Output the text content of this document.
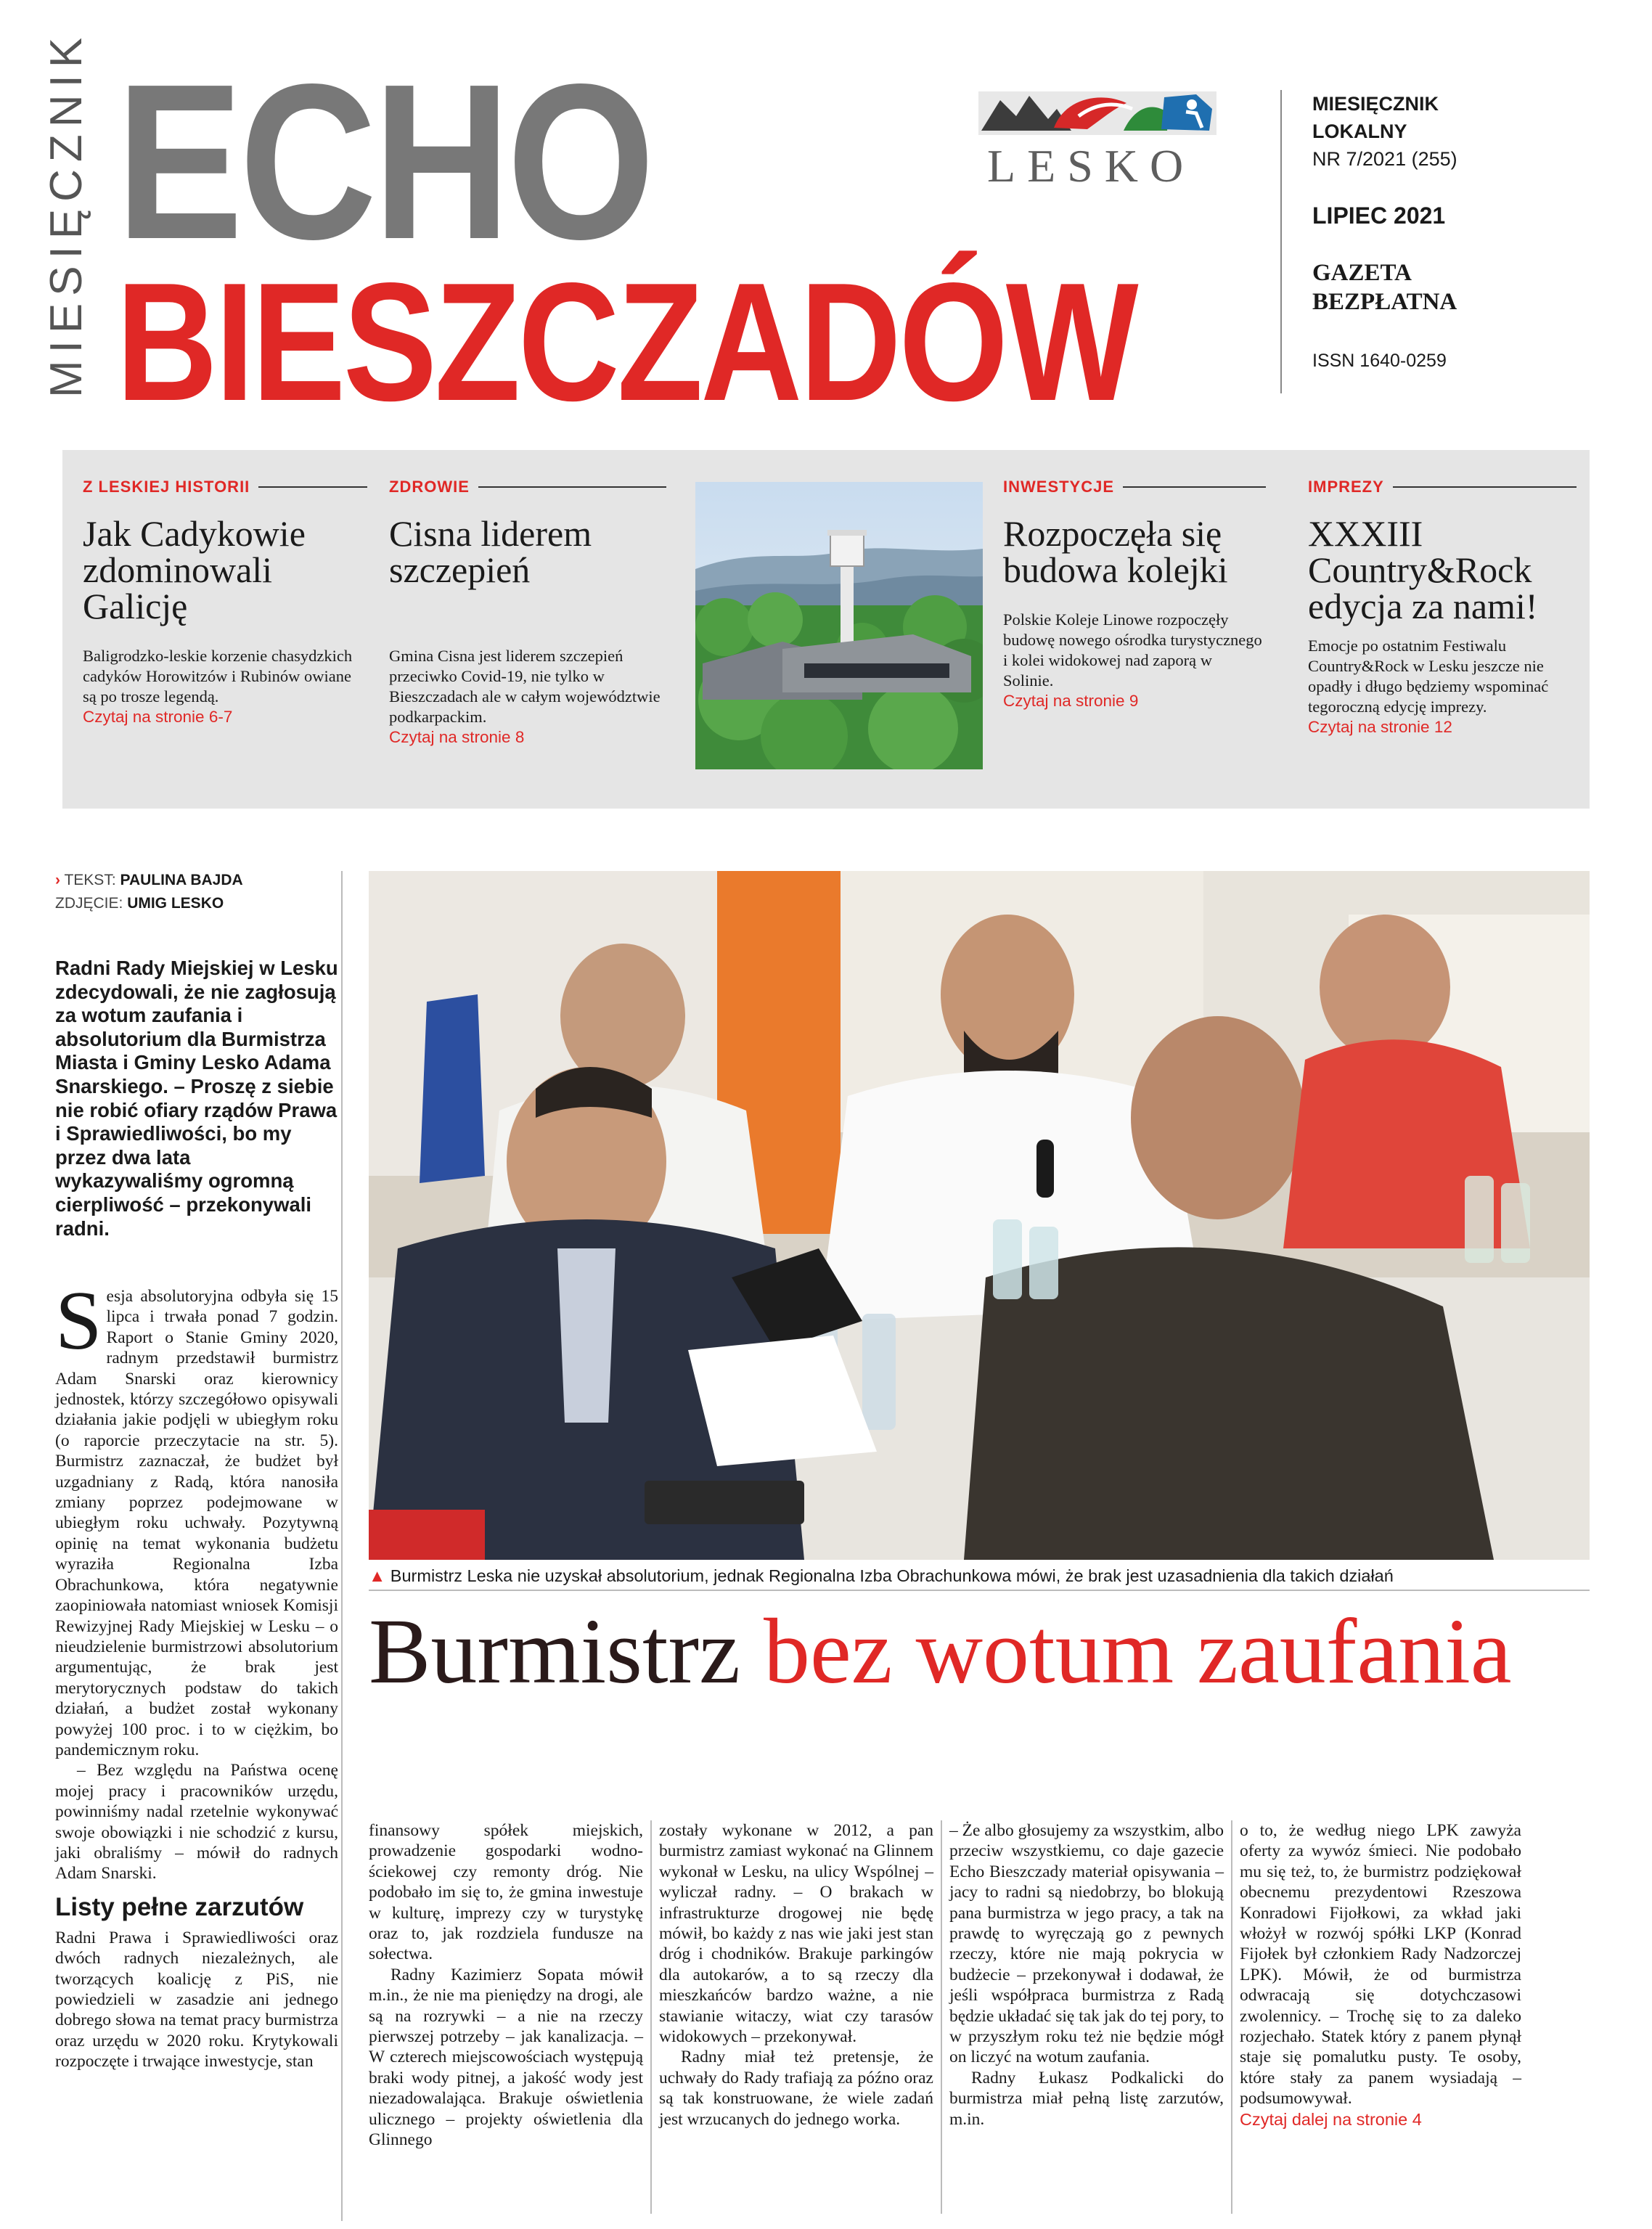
MIESIĘCZNIK ECHO
BIESZCZADÓW
LESKO
MIESIĘCZNIK
LOKALNY
NR 7/2021 (255)
LIPIEC 2021
GAZETA
BEZPŁATNA
ISSN 1640-0259
Z LESKIEJ HISTORII
Jak Cadykowie zdominowali Galicję
Baligrodzko-leskie korzenie chasydzkich cadyków Horowitzów i Rubinów owiane są po trosze legendą.
Czytaj na stronie 6-7
ZDROWIE
Cisna liderem szczepień
Gmina Cisna jest liderem szczepień przeciwko Covid-19, nie tylko w Bieszczadach ale w całym województwie podkarpackim.
Czytaj na stronie 8
INWESTYCJE
Rozpoczęła się budowa kolejki
Polskie Koleje Linowe rozpoczęły budowę nowego ośrodka turystycznego i kolei widokowej nad zaporą w Solinie.
Czytaj na stronie 9
IMPREZY
XXXIII Country&Rock edycja za nami!
Emocje po ostatnim Festiwalu Country&Rock w Lesku jeszcze nie opadły i długo będziemy wspominać tegoroczną edycję imprezy.
Czytaj na stronie 12
› TEKST: PAULINA BAJDA
ZDJĘCIE: UMIG LESKO
Radni Rady Miejskiej w Lesku zdecydowali, że nie zagłosują za wotum zaufania i absolutorium dla Burmistrza Miasta i Gminy Lesko Adama Snarskiego. – Proszę z siebie nie robić ofiary rządów Prawa i Sprawiedliwości, bo my przez dwa lata wykazywaliśmy ogromną cierpliwość – przekonywali radni.

Sesja absolutoryjna odbyła się 15 lipca i trwała ponad 7 godzin. Raport o Stanie Gminy 2020, radnym przedstawił burmistrz Adam Snarski oraz kierownicy jednostek, którzy szczegółowo opisywali działania jakie podjęli w ubiegłym roku (o raporcie przeczytacie na str. 5). Burmistrz zaznaczał, że budżet był uzgadniany z Radą, która nanosiła zmiany poprzez podejmowane w ubiegłym roku uchwały. Pozytywną opinię na temat wykonania budżetu wyraziła Regionalna Izba Obrachunkowa, która negatywnie zaopiniowała natomiast wniosek Komisji Rewizyjnej Rady Miejskiej w Lesku – o nieudzielenie burmistrzowi absolutorium argumentując, że brak jest merytorycznych podstaw do takich działań, a budżet został wykonany powyżej 100 proc. i to w ciężkim, bo pandemicznym roku.

– Bez względu na Państwa ocenę mojej pracy i pracowników urzędu, powinniśmy nadal rzetelnie wykonywać swoje obowiązki i nie schodzić z kursu, jaki obraliśmy – mówił do radnych Adam Snarski.

Listy pełne zarzutów

Radni Prawa i Sprawiedliwości oraz dwóch radnych niezależnych, ale tworzących koalicję z PiS, nie powiedzieli w zasadzie ani jednego dobrego słowa na temat pracy burmistrza oraz urzędu w 2020 roku. Krytykowali rozpoczęte i trwające inwestycje, stan

▲ Burmistrz Leska nie uzyskał absolutorium, jednak Regionalna Izba Obrachunkowa mówi, że brak jest uzasadnienia dla takich działań
Burmistrz bez wotum zaufania

finansowy spółek miejskich, prowadzenie gospodarki wodno-ściekowej czy remonty dróg. Nie podobało im się to, że gmina inwestuje w kulturę, imprezy czy w turystykę oraz to, jak rozdziela fundusze na sołectwa.

Radny Kazimierz Sopata mówił m.in., że nie ma pieniędzy na drogi, ale są na rozrywki – a nie na rzeczy pierwszej potrzeby – jak kanalizacja. – W czterech miejscowościach występują braki wody pitnej, a jakość wody jest niezadowalająca. Brakuje oświetlenia ulicznego – projekty oświetlenia dla Glinnego

zostały wykonane w 2012, a pan burmistrz zamiast wykonać na Glinnem wykonał w Lesku, na ulicy Wspólnej – wyliczał radny. – O brakach w infrastrukturze drogowej nie będę mówił, bo każdy z nas wie jaki jest stan dróg i chodników. Brakuje parkingów dla autokarów, a to są rzeczy dla mieszkańców bardzo ważne, a nie stawianie witaczy, wiat czy tarasów widokowych – przekonywał.

Radny miał też pretensje, że uchwały do Rady trafiają za późno oraz są tak konstruowane, że wiele zadań jest wrzucanych do jednego worka.

– Że albo głosujemy za wszystkim, albo przeciw wszystkiemu, co daje gazecie Echo Bieszczady materiał opisywania – jacy to radni są niedobrzy, bo blokują pana burmistrza w jego pracy, a tak na prawdę to wyręczają go z pewnych rzeczy, które nie mają pokrycia w budżecie – przekonywał i dodawał, że jeśli współpraca burmistrza z Radą będzie układać się tak jak do tej pory, to w przyszłym roku też nie będzie mógł on liczyć na wotum zaufania.

Radny Łukasz Podkalicki do burmistrza miał pełną listę zarzutów, m.in.

o to, że według niego LPK zawyża oferty za wywóz śmieci. Nie podobało mu się też, to, że burmistrz podziękował obecnemu prezydentowi Rzeszowa Konradowi Fijołkowi, za wkład jaki włożył w rozwój spółki LKP (Konrad Fijołek był członkiem Rady Nadzorczej LPK). Mówił, że od burmistrza odwracają się dotychczasowi zwolennicy. – Trochę się to za daleko rozjechało. Statek który z panem płynął staje się pomalutku pusty. Te osoby, które stały za panem wysiadają – podsumowywał.

Czytaj dalej na stronie 4
